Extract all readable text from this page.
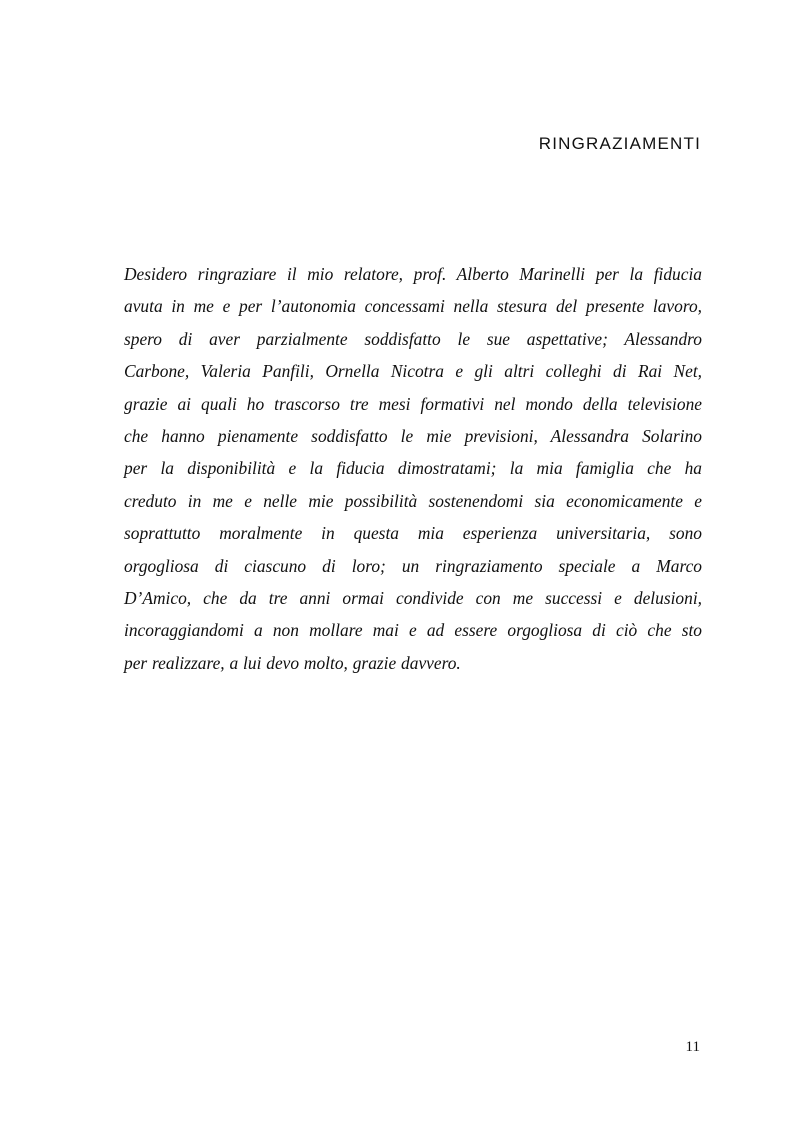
RINGRAZIAMENTI
Desidero ringraziare il mio relatore, prof. Alberto Marinelli per la fiducia
avuta in me e per l’autonomia concessami nella stesura del presente lavoro,
spero di aver parzialmente soddisfatto le sue aspettative; Alessandro
Carbone, Valeria Panfili, Ornella Nicotra e gli altri colleghi di Rai Net,
grazie ai quali ho trascorso tre mesi formativi nel mondo della televisione
che hanno pienamente soddisfatto le mie previsioni, Alessandra Solarino
per la disponibilità e la fiducia dimostratami; la mia famiglia che ha
creduto in me e nelle mie possibilità sostenendomi sia economicamente e
soprattutto moralmente in questa mia esperienza universitaria, sono
orgogliosa di ciascuno di loro; un ringraziamento speciale a Marco
D’Amico, che da tre anni ormai condivide con me successi e delusioni,
incoraggiandomi a non mollare mai e ad essere orgogliosa di ciò che sto
per realizzare, a lui devo molto, grazie davvero.

11
